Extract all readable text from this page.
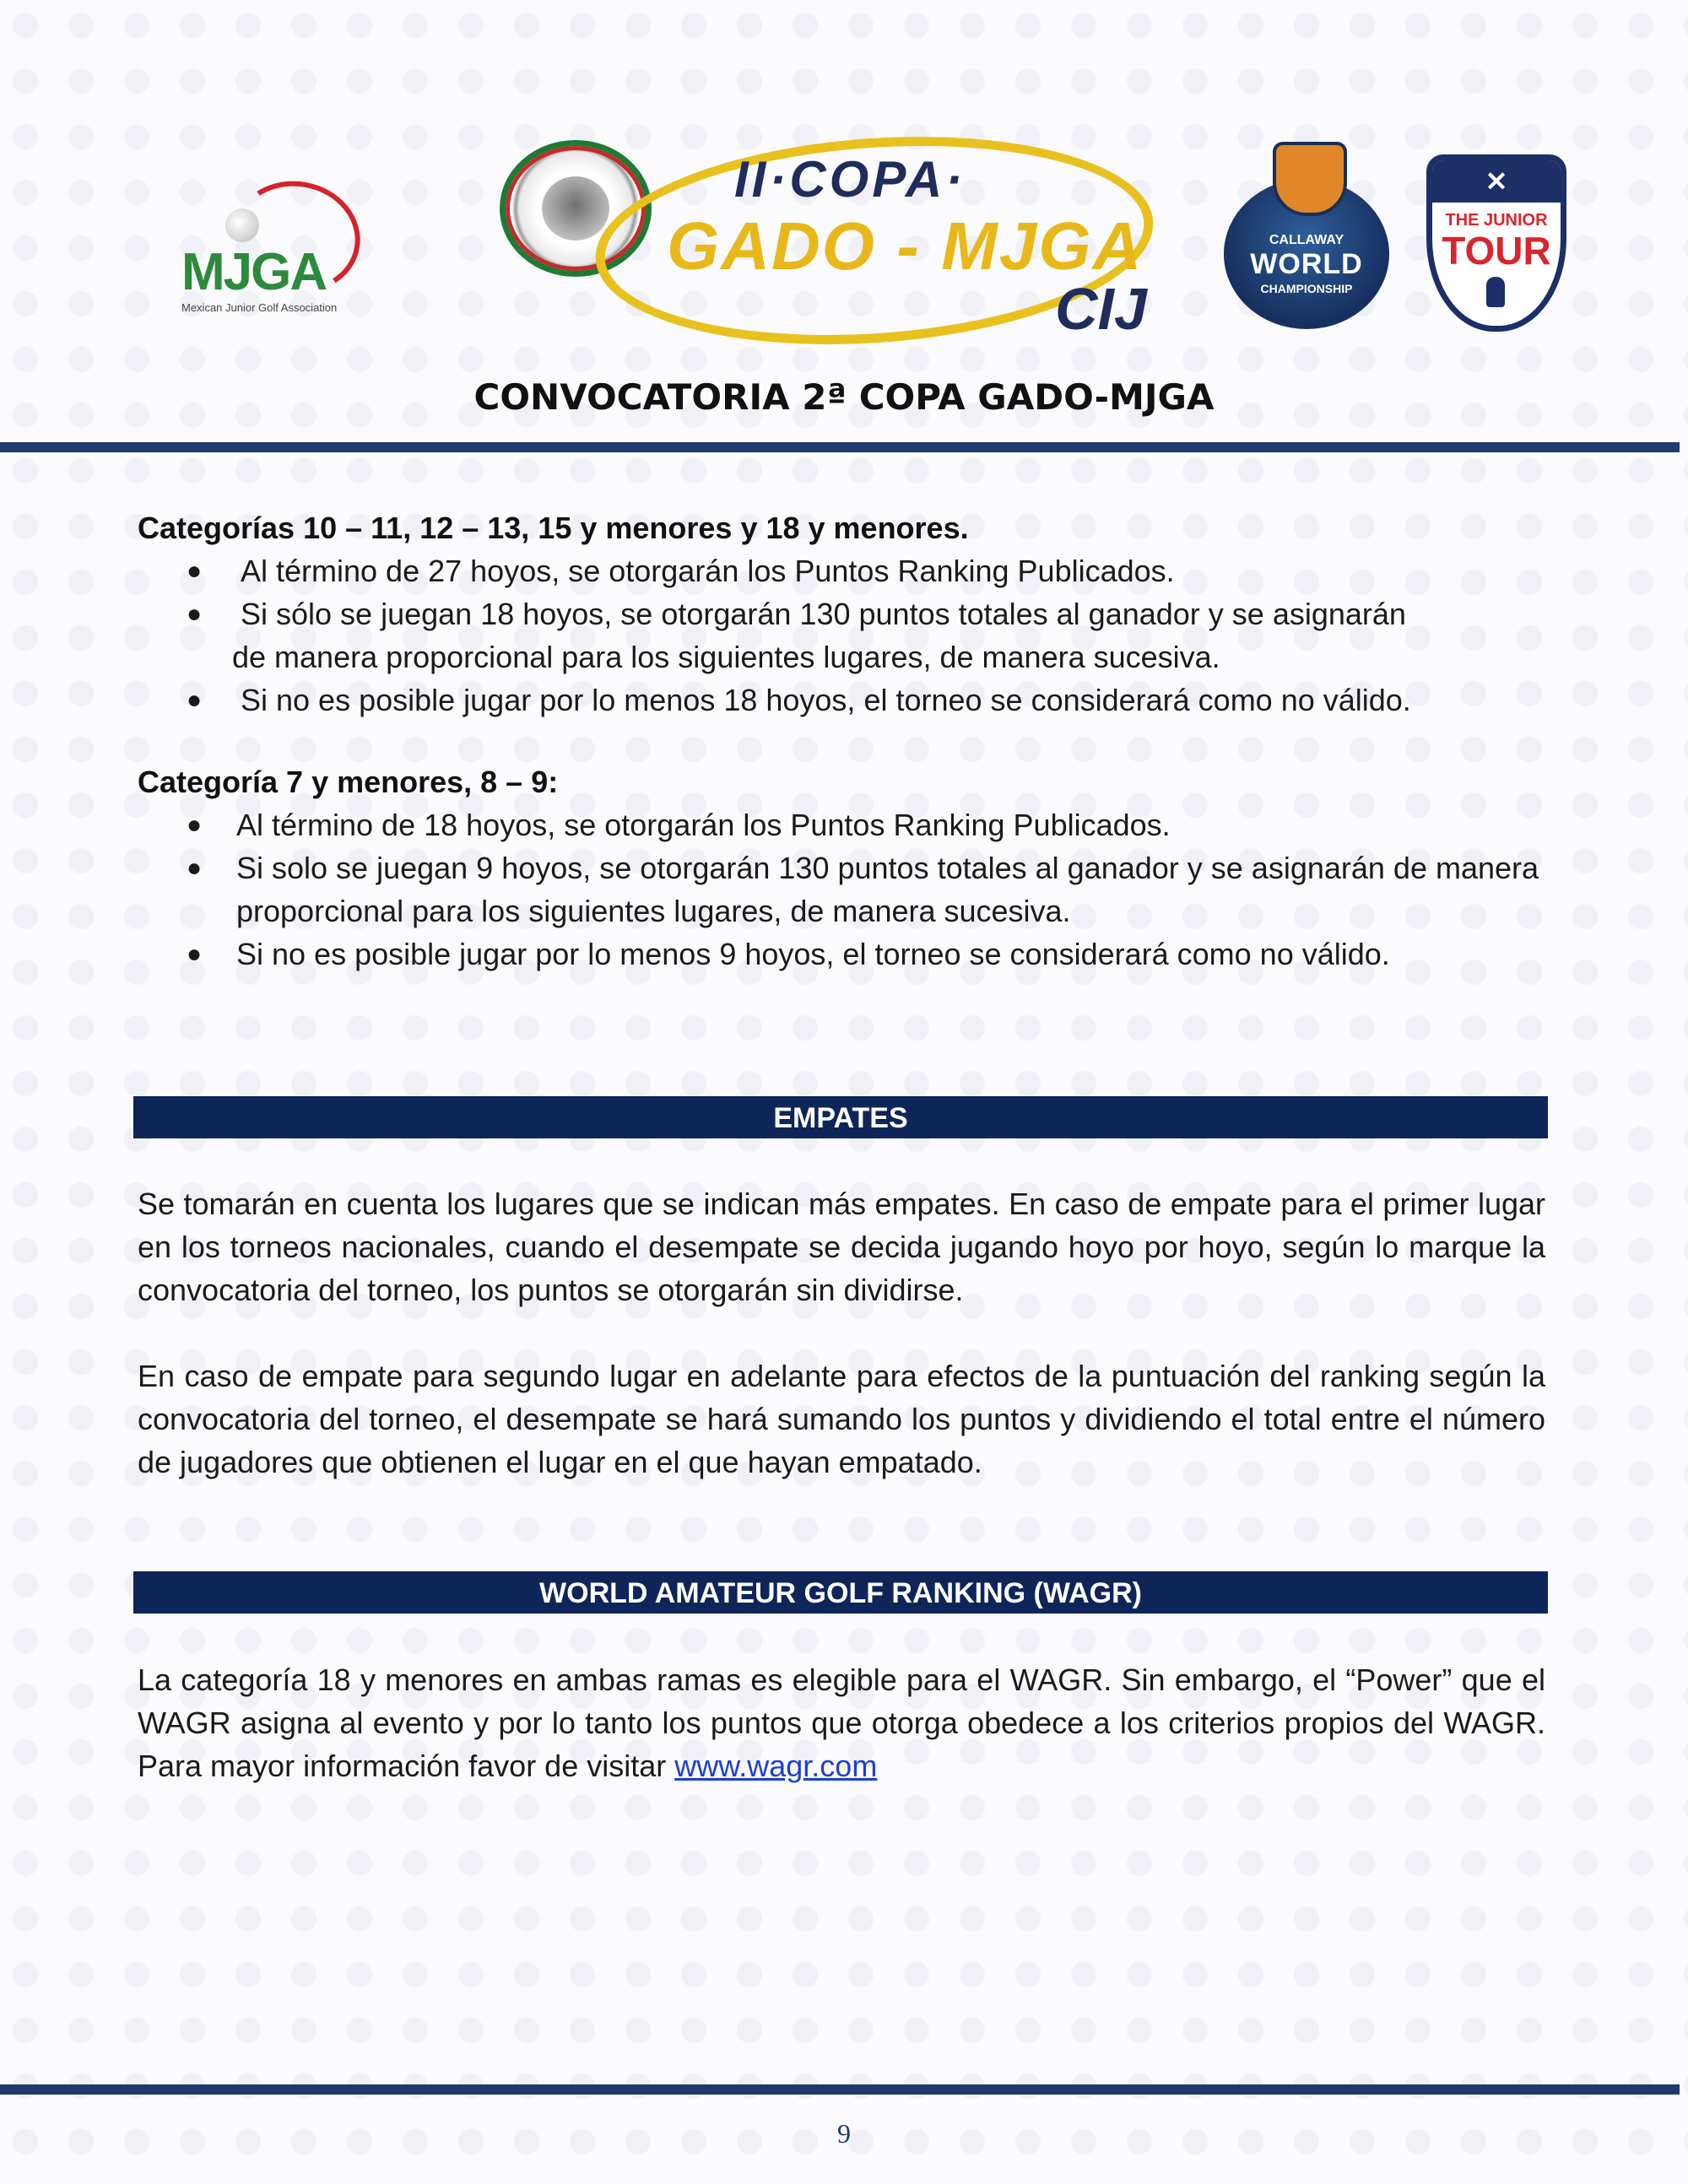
MJGA
Mexican Junior Golf Association
II·COPA·
GADO - MJGA
CIJ
CALLAWAY
WORLD
CHAMPIONSHIP
✕
THE JUNIOR
TOUR
CONVOCATORIA 2ª COPA GADO-MJGA
Categorías 10 – 11, 12 – 13, 15 y menores y 18 y menores.
● Al término de 27 hoyos, se otorgarán los Puntos Ranking Publicados.
● Si sólo se juegan 18 hoyos, se otorgarán 130 puntos totales al ganador y se asignarán
de manera proporcional para los siguientes lugares, de manera sucesiva.
● Si no es posible jugar por lo menos 18 hoyos, el torneo se considerará como no válido.
Categoría 7 y menores, 8 – 9:
● Al término de 18 hoyos, se otorgarán los Puntos Ranking Publicados.
● Si solo se juegan 9 hoyos, se otorgarán 130 puntos totales al ganador y se asignarán de manera proporcional para los siguientes lugares, de manera sucesiva.
● Si no es posible jugar por lo menos 9 hoyos, el torneo se considerará como no válido.
EMPATES
Se tomarán en cuenta los lugares que se indican más empates. En caso de empate para el primer lugar en los torneos nacionales, cuando el desempate se decida jugando hoyo por hoyo, según lo marque la convocatoria del torneo, los puntos se otorgarán sin dividirse.
En caso de empate para segundo lugar en adelante para efectos de la puntuación del ranking según la convocatoria del torneo, el desempate se hará sumando los puntos y dividiendo el total entre el número de jugadores que obtienen el lugar en el que hayan empatado.
WORLD AMATEUR GOLF RANKING (WAGR)
La categoría 18 y menores en ambas ramas es elegible para el WAGR. Sin embargo, el “Power” que el WAGR asigna al evento y por lo tanto los puntos que otorga obedece a los criterios propios del WAGR. Para mayor información favor de visitar www.wagr.com
9
